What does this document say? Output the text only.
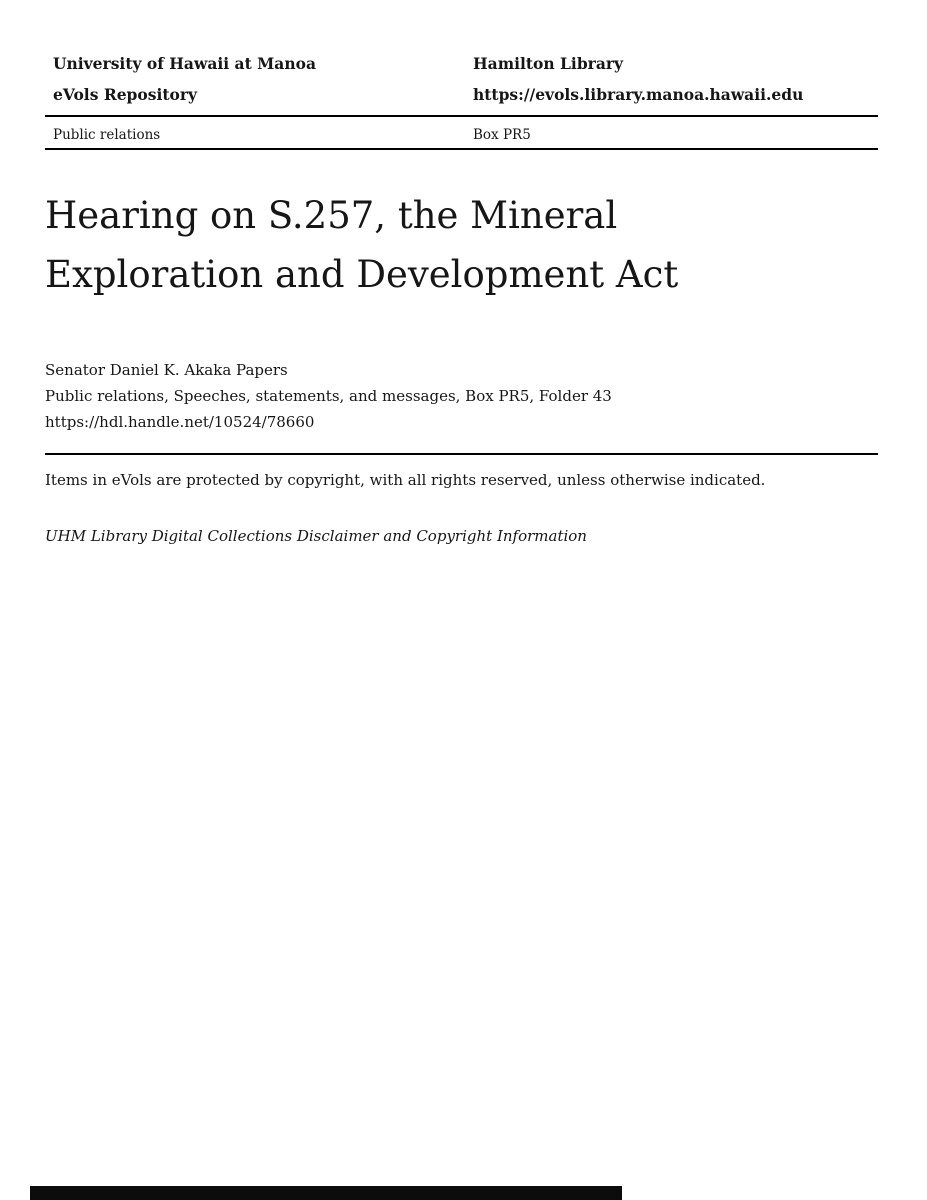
University of Hawaii at Manoa	Hamilton Library
eVols Repository	https://evols.library.manoa.hawaii.edu
Public relations	Box PR5
Hearing on S.257, the Mineral Exploration and Development Act
Senator Daniel K. Akaka Papers
Public relations, Speeches, statements, and messages, Box PR5, Folder 43
https://hdl.handle.net/10524/78660
Items in eVols are protected by copyright, with all rights reserved, unless otherwise indicated.
UHM Library Digital Collections Disclaimer and Copyright Information
